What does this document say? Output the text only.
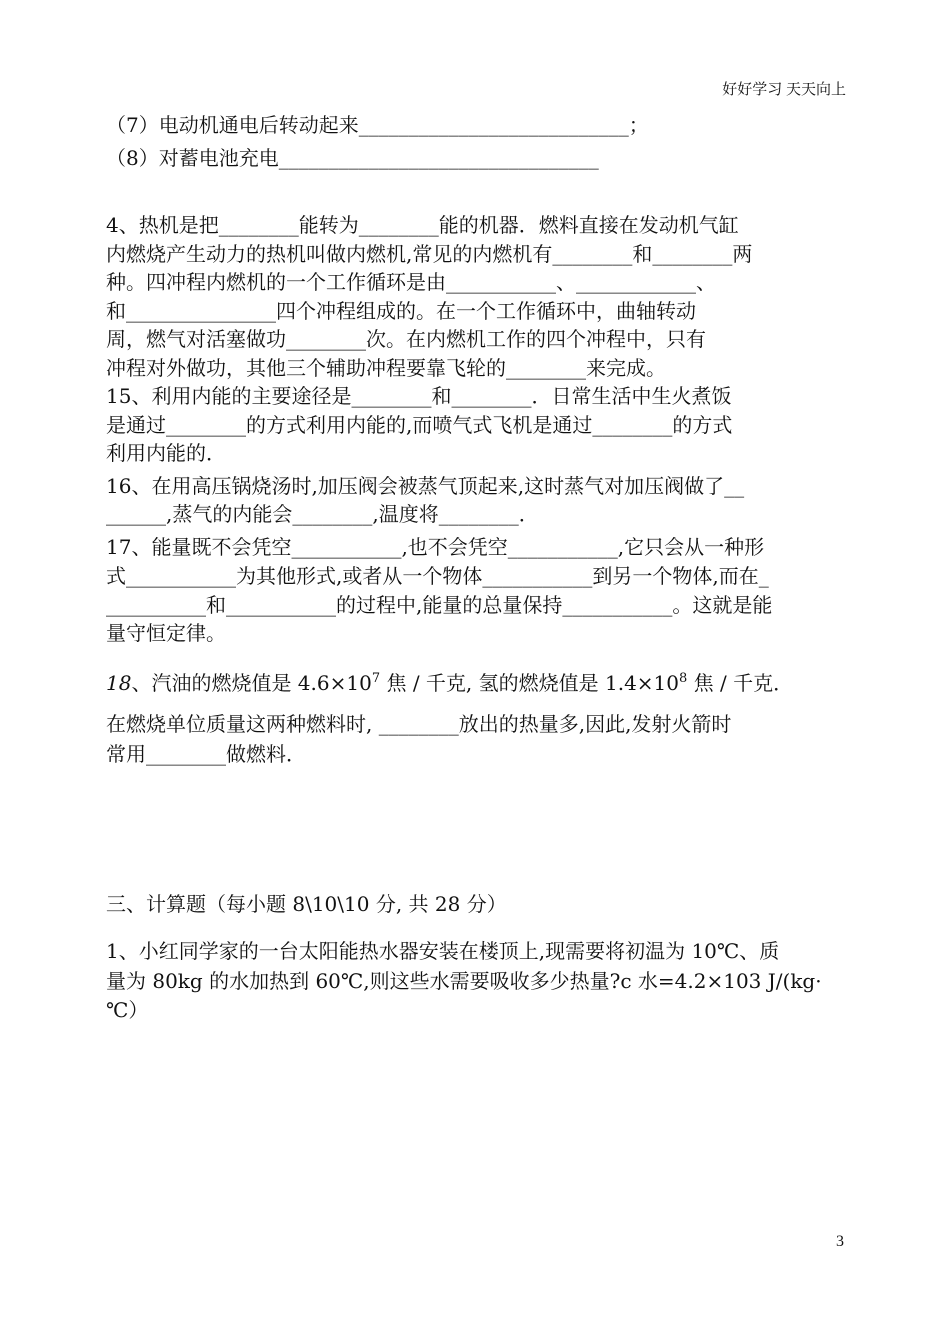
好好学习 天天向上
（7）电动机通电后转动起来___________________________；
（8）对蓄电池充电________________________________
4、热机是把________能转为________能的机器．燃料直接在发动机气缸
内燃烧产生动力的热机叫做内燃机,常见的内燃机有________和________两
种。四冲程内燃机的一个工作循环是由___________、____________、
和_______________四个冲程组成的。在一个工作循环中，曲轴转动
周，燃气对活塞做功________次。在内燃机工作的四个冲程中，只有
冲程对外做功，其他三个辅助冲程要靠飞轮的________来完成。
15、利用内能的主要途径是________和________．日常生活中生火煮饭
是通过________的方式利用内能的,而喷气式飞机是通过________的方式
利用内能的．
16、在用高压锅烧汤时,加压阀会被蒸气顶起来,这时蒸气对加压阀做了__
______,蒸气的内能会________,温度将________．
17、能量既不会凭空___________,也不会凭空___________,它只会从一种形
式___________为其他形式,或者从一个物体___________到另一个物体,而在_
__________和___________的过程中,能量的总量保持___________。这就是能
量守恒定律。
18、汽油的燃烧值是 $4.6\times 10^7$ 焦 / 千克, 氢的燃烧值是 $1.4\times 10^8$ 焦 / 千克．
在燃烧单位质量这两种燃料时, ________放出的热量多,因此,发射火箭时
常用________做燃料．
三、计算题（每小题 8\10\10 分, 共 28 分）
1、小红同学家的一台太阳能热水器安装在楼顶上,现需要将初温为 10℃、质
量为 80kg 的水加热到 60℃,则这些水需要吸收多少热量?c 水=4.2×103 J/(kg·
℃）
3
